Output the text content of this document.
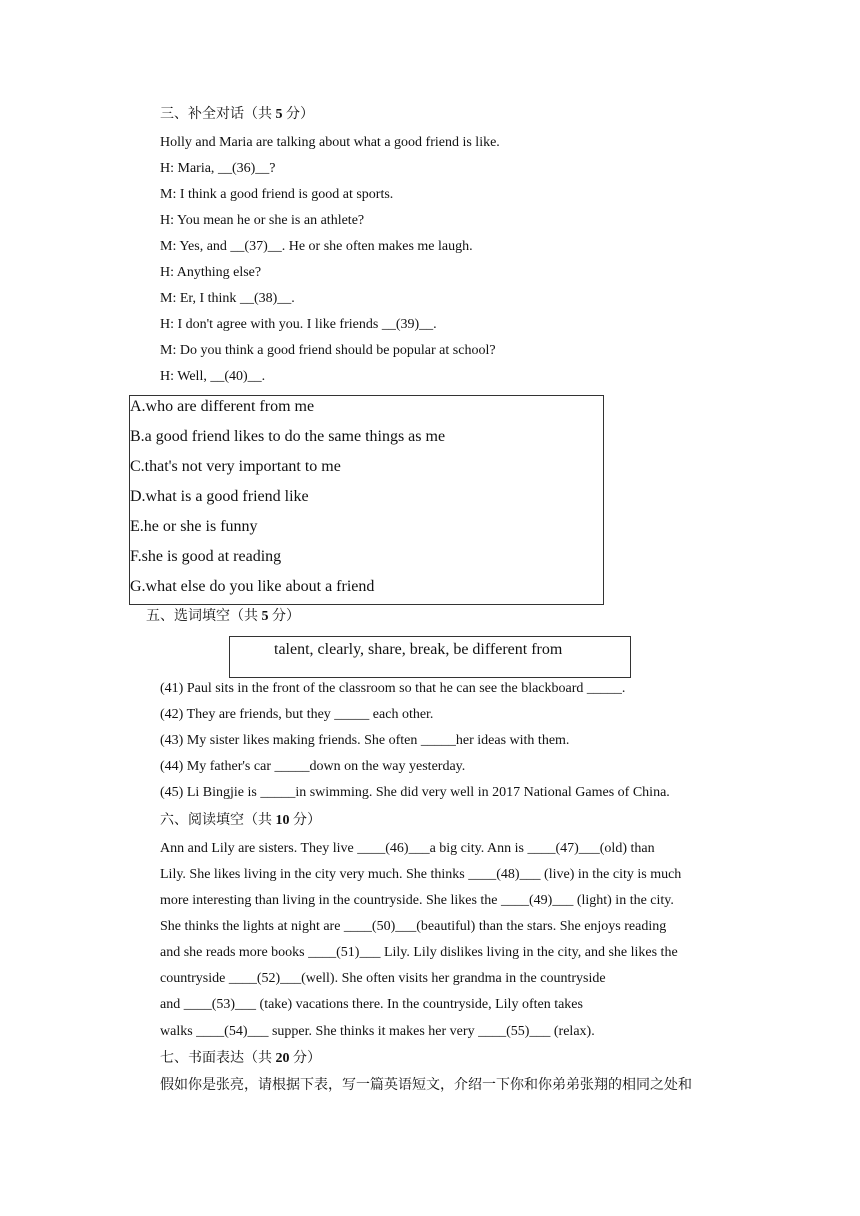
三、补全对话（共 5 分）
Holly and Maria are talking about what a good friend is like.
H: Maria, __(36)__?
M: I think a good friend is good at sports.
H: You mean he or she is an athlete?
M: Yes, and __(37)__. He or she often makes me laugh.
H: Anything else?
M: Er, I think __(38)__.
H: I don't agree with you. I like friends __(39)__.
M: Do you think a good friend should be popular at school?
H: Well, __(40)__.
A.who are different from me
B.a good friend likes to do the same things as me
C.that's not very important to me
D.what is a good friend like
E.he or she is funny
F.she is good at reading
G.what else do you like about a friend
五、选词填空（共 5 分）
talent, clearly, share, break, be different from
(41) Paul sits in the front of the classroom so that he can see the blackboard _____.
(42) They are friends, but they _____ each other.
(43) My sister likes making friends. She often _____her ideas with them.
(44) My father's car _____down on the way yesterday.
(45) Li Bingjie is _____in swimming. She did very well in 2017 National Games of China.
六、阅读填空（共 10 分）
Ann and Lily are sisters. They live ____(46)___a big city. Ann is ____(47)___(old) than
Lily. She likes living in the city very much. She thinks ____(48)___ (live) in the city is much
more interesting than living in the countryside. She likes the ____(49)___ (light) in the city.
She thinks the lights at night are ____(50)___(beautiful) than the stars. She enjoys reading
and she reads more books ____(51)___ Lily. Lily dislikes living in the city, and she likes the
countryside ____(52)___(well). She often visits her grandma in the countryside
and ____(53)___ (take) vacations there. In the countryside, Lily often takes
walks ____(54)___ supper. She thinks it makes her very ____(55)___ (relax).
七、书面表达（共 20 分）
假如你是张亮，请根据下表，写一篇英语短文，介绍一下你和你弟弟张翔的相同之处和
